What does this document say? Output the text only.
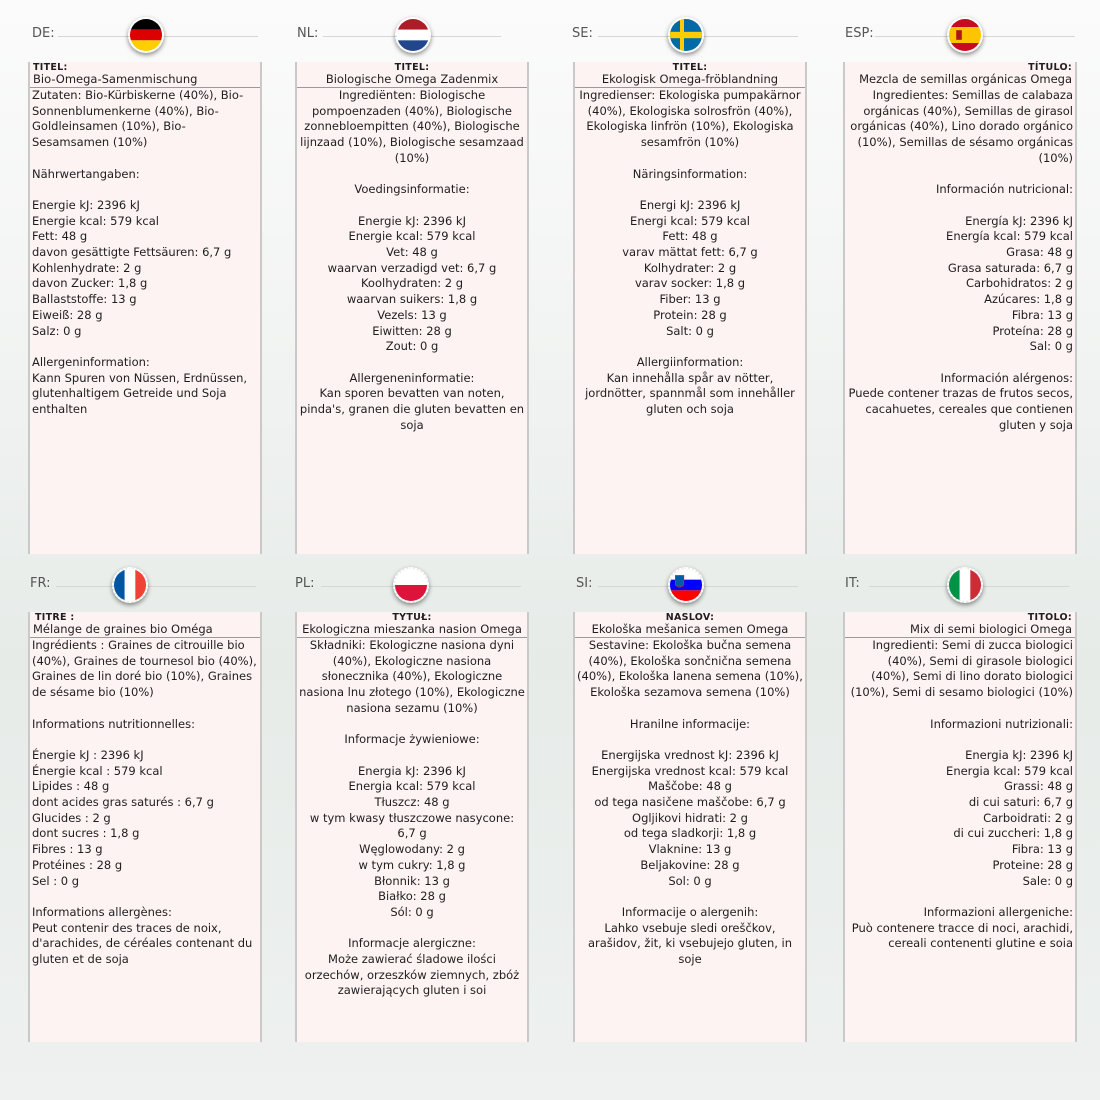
DE:
TITEL:
Bio-Omega-Samenmischung

Zutaten: Bio-Kürbiskerne (40%), Bio-Sonnenblumenkerne (40%), Bio-Goldleinsamen (10%), Bio-Sesamsamen (10%)

Nährwertangaben:

Energie kJ: 2396 kJ

Energie kcal: 579 kcal

Fett: 48 g

davon gesättigte Fettsäuren: 6,7 g

Kohlenhydrate: 2 g

davon Zucker: 1,8 g

Ballaststoffe: 13 g

Eiweiß: 28 g

Salz: 0 g

Allergeninformation:

Kann Spuren von Nüssen, Erdnüssen, glutenhaltigem Getreide und Soja enthalten

NL:
TITEL:
Biologische Omega Zadenmix

Ingrediënten: Biologische pompoenzaden (40%), Biologische zonnebloempitten (40%), Biologische lijnzaad (10%), Biologische sesamzaad (10%)

Voedingsinformatie:

Energie kJ: 2396 kJ

Energie kcal: 579 kcal

Vet: 48 g

waarvan verzadigd vet: 6,7 g

Koolhydraten: 2 g

waarvan suikers: 1,8 g

Vezels: 13 g

Eiwitten: 28 g

Zout: 0 g

Allergeneninformatie:

Kan sporen bevatten van noten, pinda's, granen die gluten bevatten en soja

SE:
TITEL:
Ekologisk Omega-fröblandning

Ingredienser: Ekologiska pumpakärnor (40%), Ekologiska solrosfrön (40%), Ekologiska linfrön (10%), Ekologiska sesamfrön (10%)

Näringsinformation:

Energi kJ: 2396 kJ

Energi kcal: 579 kcal

Fett: 48 g

varav mättat fett: 6,7 g

Kolhydrater: 2 g

varav socker: 1,8 g

Fiber: 13 g

Protein: 28 g

Salt: 0 g

Allergiinformation:

Kan innehålla spår av nötter, jordnötter, spannmål som innehåller gluten och soja

ESP:
TÍTULO:
Mezcla de semillas orgánicas Omega

Ingredientes: Semillas de calabaza orgánicas (40%), Semillas de girasol orgánicas (40%), Lino dorado orgánico (10%), Semillas de sésamo orgánicas (10%)

Información nutricional:

Energía kJ: 2396 kJ

Energía kcal: 579 kcal

Grasa: 48 g

Grasa saturada: 6,7 g

Carbohidratos: 2 g

Azúcares: 1,8 g

Fibra: 13 g

Proteína: 28 g

Sal: 0 g

Información alérgenos:

Puede contener trazas de frutos secos, cacahuetes, cereales que contienen gluten y soja

FR:
TITRE :
Mélange de graines bio Oméga

Ingrédients : Graines de citrouille bio (40%), Graines de tournesol bio (40%), Graines de lin doré bio (10%), Graines de sésame bio (10%)

Informations nutritionnelles:

Énergie kJ : 2396 kJ

Énergie kcal : 579 kcal

Lipides : 48 g

dont acides gras saturés : 6,7 g

Glucides : 2 g

dont sucres : 1,8 g

Fibres : 13 g

Protéines : 28 g

Sel : 0 g

Informations allergènes:

Peut contenir des traces de noix, d'arachides, de céréales contenant du gluten et de soja

PL:
TYTUŁ:
Ekologiczna mieszanka nasion Omega

Składniki: Ekologiczne nasiona dyni (40%), Ekologiczne nasiona słonecznika (40%), Ekologiczne nasiona lnu złotego (10%), Ekologiczne nasiona sezamu (10%)

Informacje żywieniowe:

Energia kJ: 2396 kJ

Energia kcal: 579 kcal

Tłuszcz: 48 g

w tym kwasy tłuszczowe nasycone: 6,7 g

Węglowodany: 2 g

w tym cukry: 1,8 g

Błonnik: 13 g

Białko: 28 g

Sól: 0 g

Informacje alergiczne:

Może zawierać śladowe ilości orzechów, orzeszków ziemnych, zbóż zawierających gluten i soi

SI:
NASLOV:
Ekološka mešanica semen Omega

Sestavine: Ekološka bučna semena (40%), Ekološka sončnična semena (40%), Ekološka lanena semena (10%), Ekološka sezamova semena (10%)

Hranilne informacije:

Energijska vrednost kJ: 2396 kJ

Energijska vrednost kcal: 579 kcal

Maščobe: 48 g

od tega nasičene maščobe: 6,7 g

Ogljikovi hidrati: 2 g

od tega sladkorji: 1,8 g

Vlaknine: 13 g

Beljakovine: 28 g

Sol: 0 g

Informacije o alergenih:

Lahko vsebuje sledi oreščkov, arašidov, žit, ki vsebujejo gluten, in soje

IT:
TITOLO:
Mix di semi biologici Omega

Ingredienti: Semi di zucca biologici (40%), Semi di girasole biologici (40%), Semi di lino dorato biologici (10%), Semi di sesamo biologici (10%)

Informazioni nutrizionali:

Energia kJ: 2396 kJ

Energia kcal: 579 kcal

Grassi: 48 g

di cui saturi: 6,7 g

Carboidrati: 2 g

di cui zuccheri: 1,8 g

Fibra: 13 g

Proteine: 28 g

Sale: 0 g

Informazioni allergeniche:

Può contenere tracce di noci, arachidi, cereali contenenti glutine e soia
